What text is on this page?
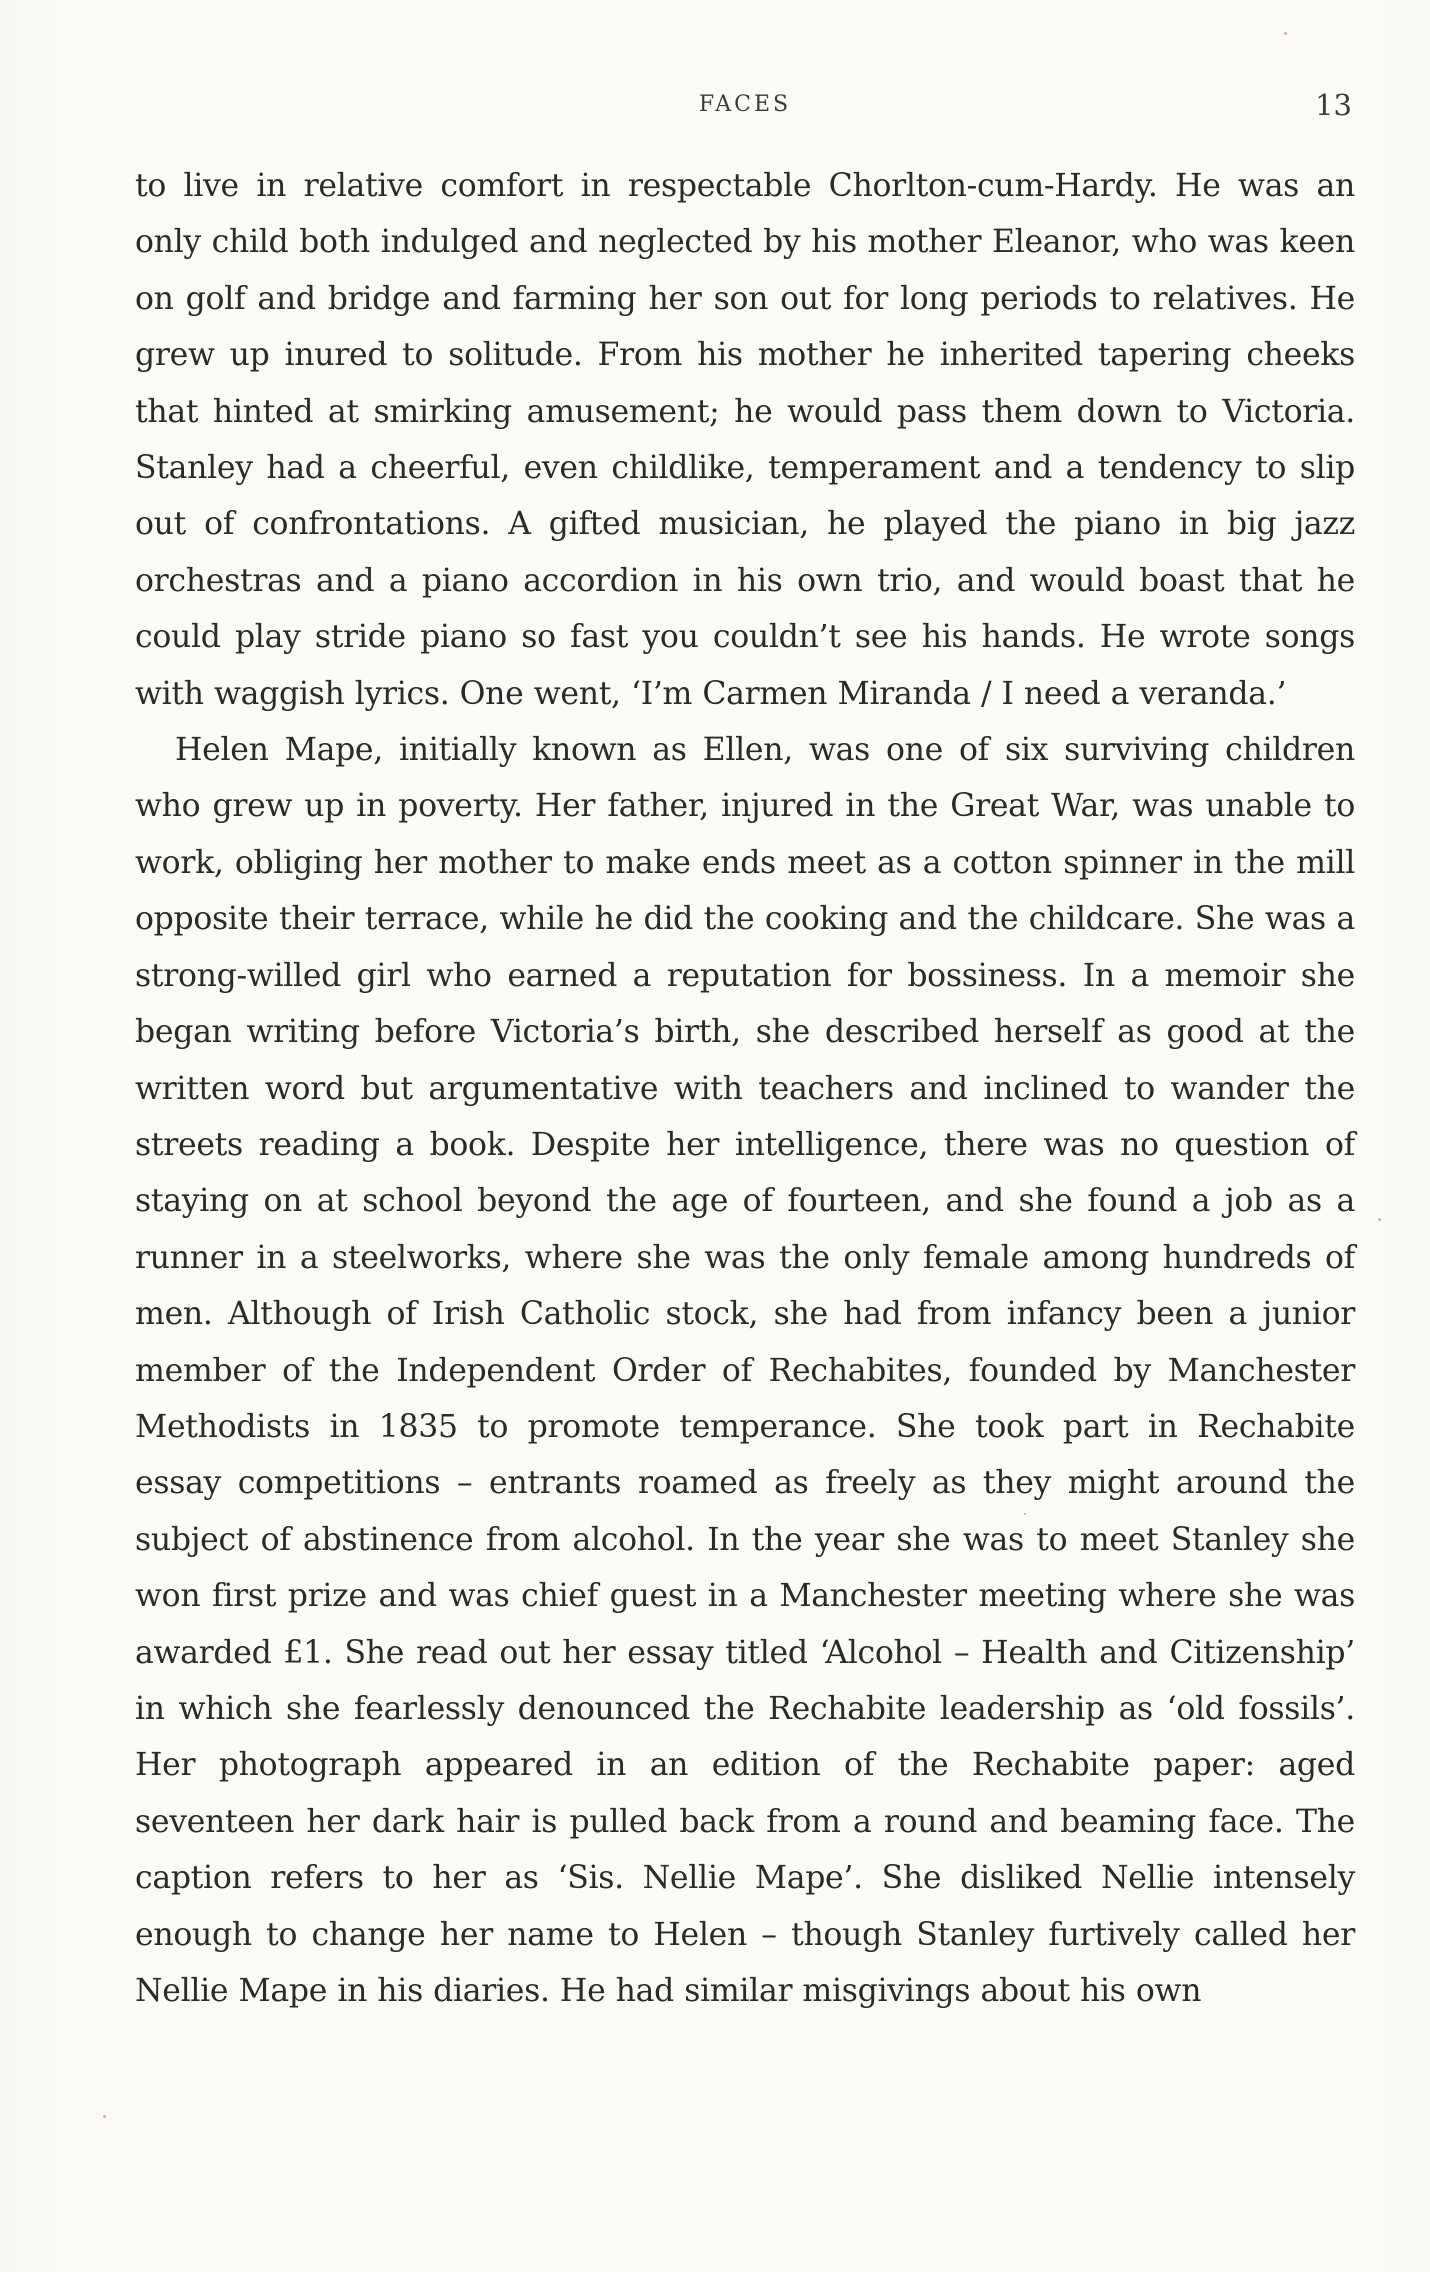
FACES	13

to live in relative comfort in respectable Chorlton-cum-Hardy. He was an only child both indulged and neglected by his mother Eleanor, who was keen on golf and bridge and farming her son out for long periods to relatives. He grew up inured to solitude. From his mother he inherited tapering cheeks that hinted at smirking amusement; he would pass them down to Victoria. Stanley had a cheerful, even childlike, temperament and a tendency to slip out of confrontations. A gifted musician, he played the piano in big jazz orchestras and a piano accordion in his own trio, and would boast that he could play stride piano so fast you couldn’t see his hands. He wrote songs with waggish lyrics. One went, ‘I’m Carmen Miranda / I need a veranda.’

Helen Mape, initially known as Ellen, was one of six surviving children who grew up in poverty. Her father, injured in the Great War, was unable to work, obliging her mother to make ends meet as a cotton spinner in the mill opposite their terrace, while he did the cooking and the childcare. She was a strong-willed girl who earned a reputation for bossiness. In a memoir she began writing before Victoria’s birth, she described herself as good at the written word but argumentative with teachers and inclined to wander the streets reading a book. Despite her intelligence, there was no question of staying on at school beyond the age of fourteen, and she found a job as a runner in a steelworks, where she was the only female among hundreds of men. Although of Irish Catholic stock, she had from infancy been a junior member of the Independent Order of Rechabites, founded by Manchester Methodists in 1835 to promote temperance. She took part in Rechabite essay competitions – entrants roamed as freely as they might around the subject of abstinence from alcohol. In the year she was to meet Stanley she won first prize and was chief guest in a Manchester meeting where she was awarded £1. She read out her essay titled ‘Alcohol – Health and Citizenship’ in which she fearlessly denounced the Rechabite leadership as ‘old fossils’. Her photograph appeared in an edition of the Rechabite paper: aged seventeen her dark hair is pulled back from a round and beaming face. The caption refers to her as ‘Sis. Nellie Mape’. She disliked Nellie intensely enough to change her name to Helen – though Stanley furtively called her Nellie Mape in his diaries. He had similar misgivings about his own
